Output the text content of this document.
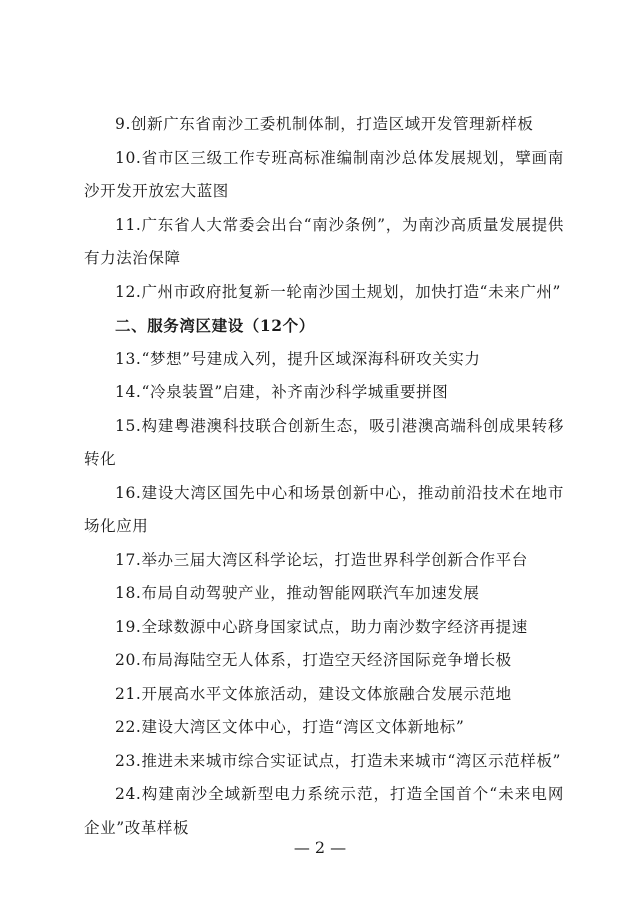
9.创新广东省南沙工委机制体制，打造区域开发管理新样板

10.省市区三级工作专班高标准编制南沙总体发展规划，擘画南沙开发开放宏大蓝图

11.广东省人大常委会出台“南沙条例”，为南沙高质量发展提供有力法治保障

12.广州市政府批复新一轮南沙国土规划，加快打造“未来广州”

二、服务湾区建设（12个）

13.“梦想”号建成入列，提升区域深海科研攻关实力

14.“冷泉装置”启建，补齐南沙科学城重要拼图

15.构建粤港澳科技联合创新生态，吸引港澳高端科创成果转移转化

16.建设大湾区国先中心和场景创新中心，推动前沿技术在地市场化应用

17.举办三届大湾区科学论坛，打造世界科学创新合作平台

18.布局自动驾驶产业，推动智能网联汽车加速发展

19.全球数源中心跻身国家试点，助力南沙数字经济再提速

20.布局海陆空无人体系，打造空天经济国际竞争增长极

21.开展高水平文体旅活动，建设文体旅融合发展示范地

22.建设大湾区文体中心，打造“湾区文体新地标”

23.推进未来城市综合实证试点，打造未来城市“湾区示范样板”

24.构建南沙全域新型电力系统示范，打造全国首个“未来电网企业”改革样板

— 2 —
